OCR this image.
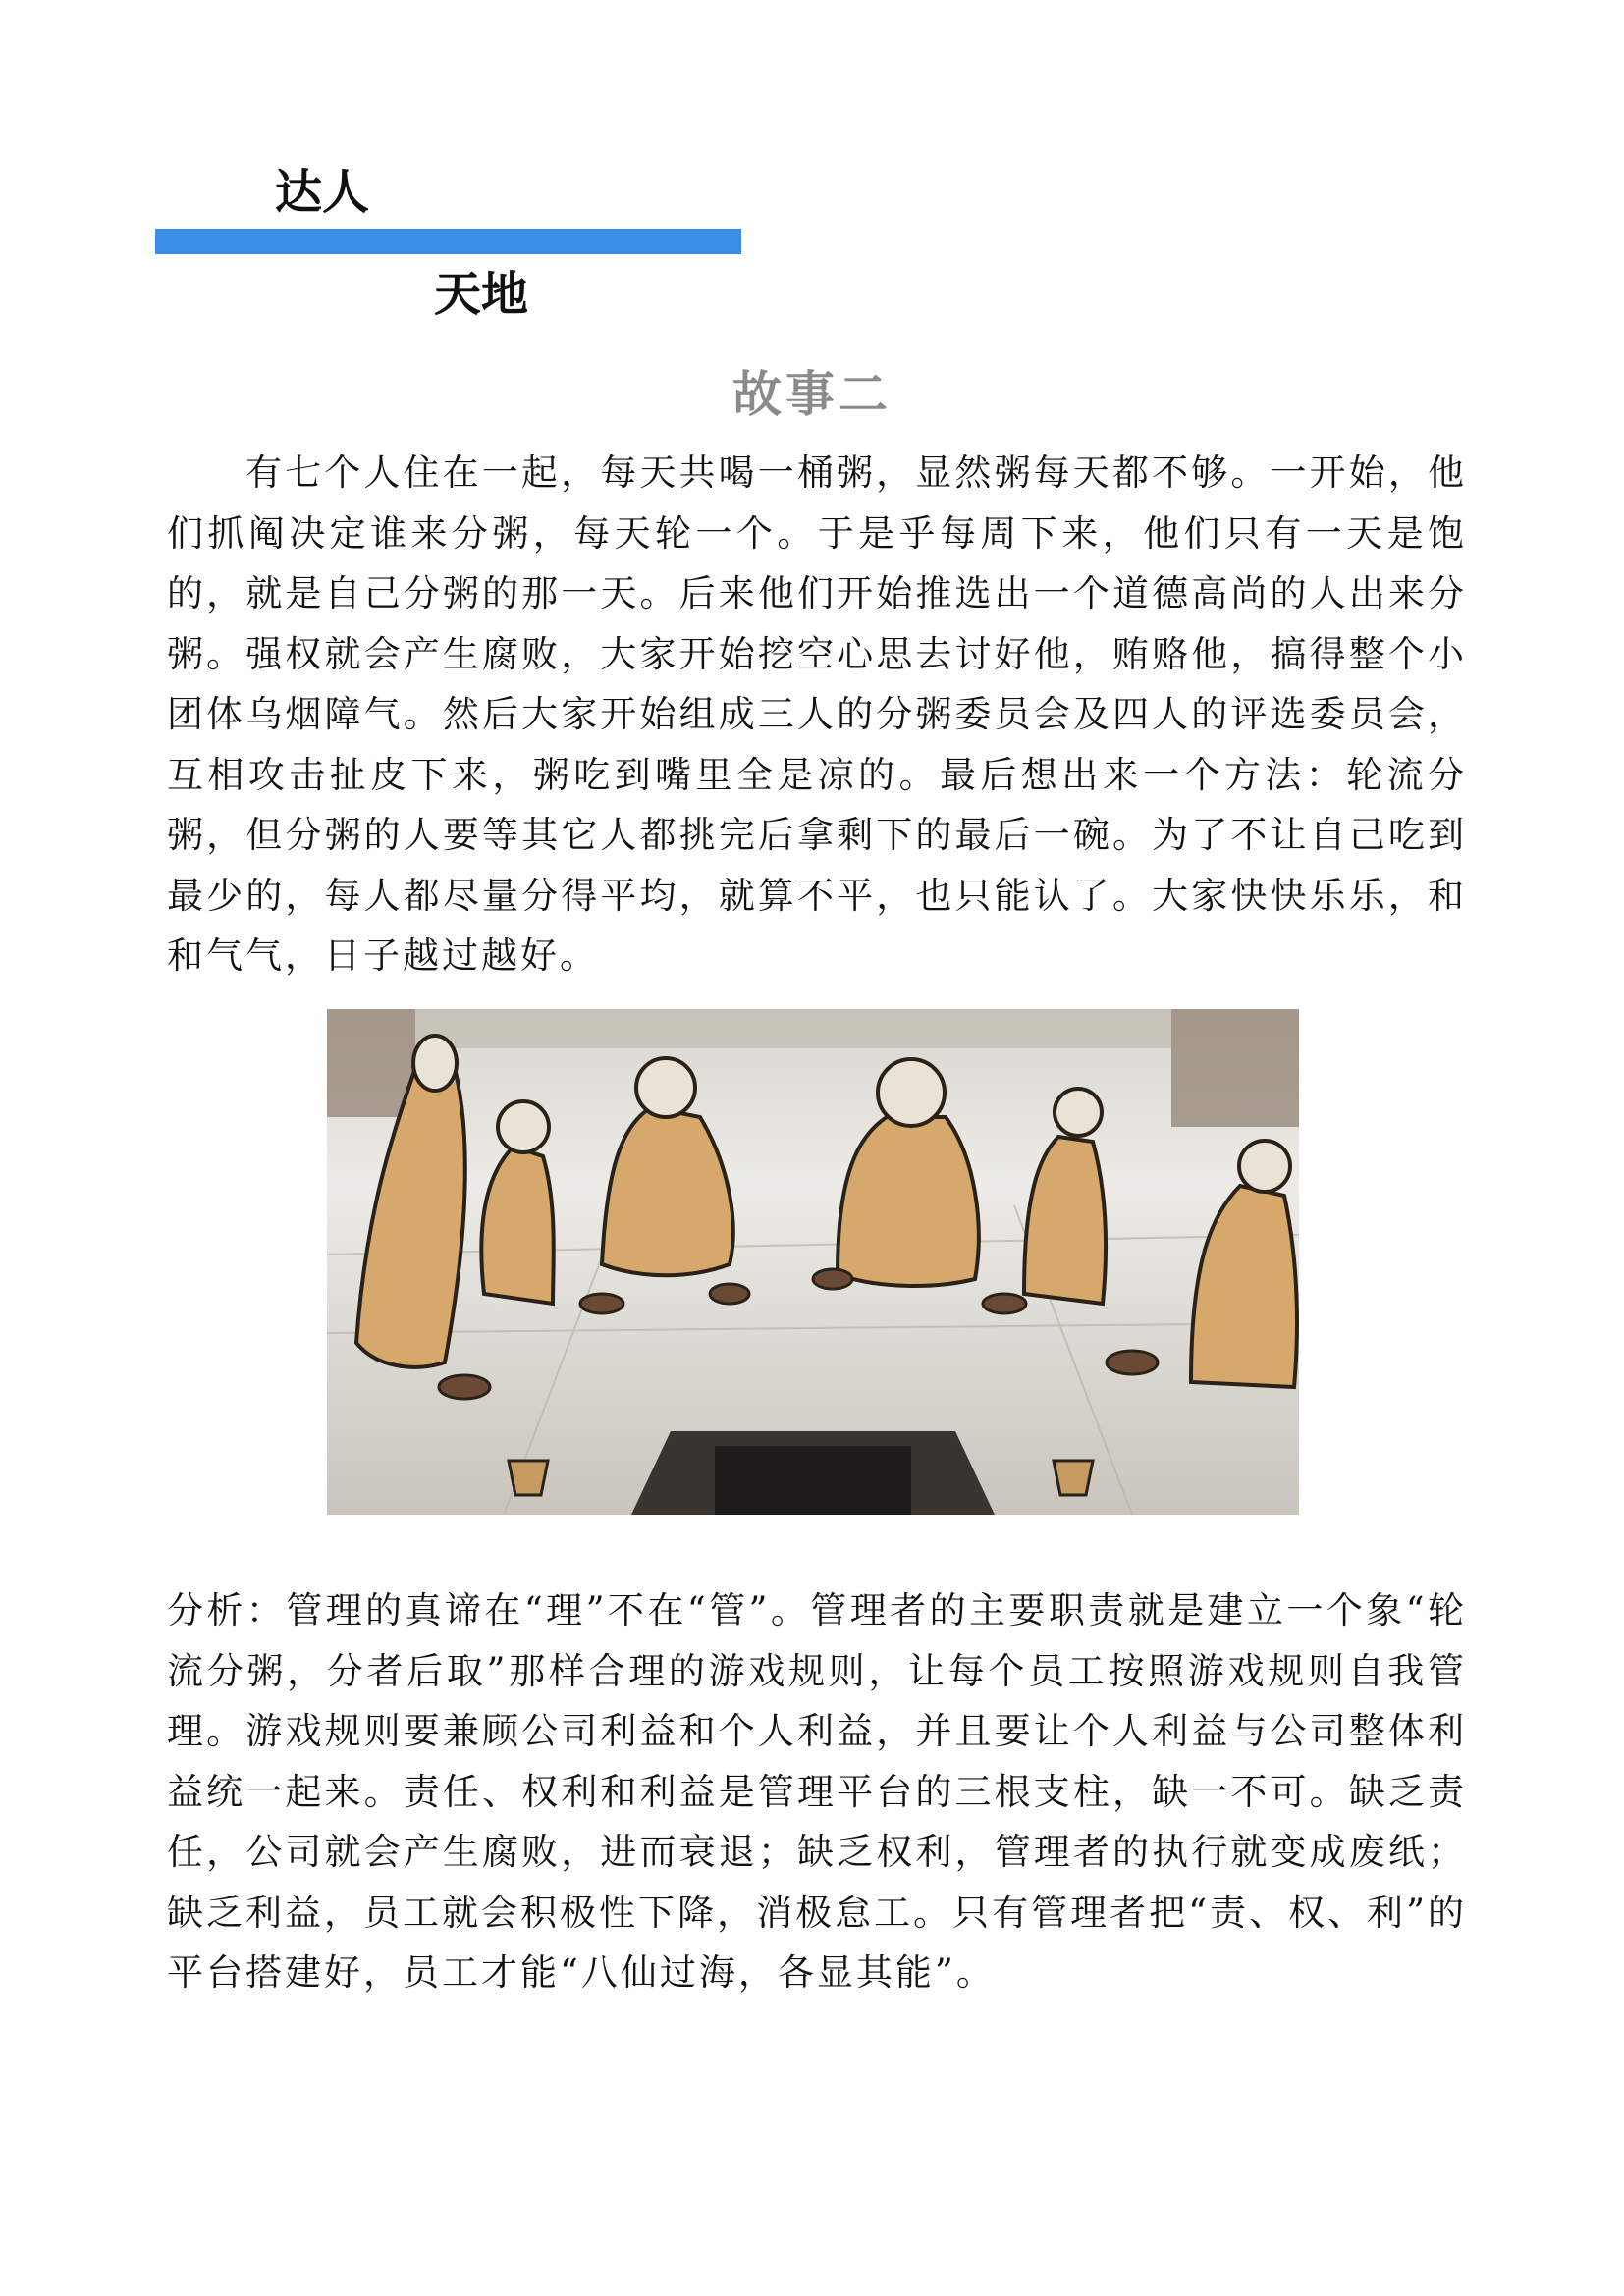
达人
天地
故事二

有七个人住在一起，每天共喝一桶粥，显然粥每天都不够。一开始，他们抓阄决定谁来分粥，每天轮一个。于是乎每周下来，他们只有一天是饱的，就是自己分粥的那一天。后来他们开始推选出一个道德高尚的人出来分粥。强权就会产生腐败，大家开始挖空心思去讨好他，贿赂他，搞得整个小团体乌烟障气。然后大家开始组成三人的分粥委员会及四人的评选委员会，互相攻击扯皮下来，粥吃到嘴里全是凉的。最后想出来一个方法：轮流分粥，但分粥的人要等其它人都挑完后拿剩下的最后一碗。为了不让自己吃到最少的，每人都尽量分得平均，就算不平，也只能认了。大家快快乐乐，和和气气，日子越过越好。

分析：管理的真谛在“理”不在“管”。管理者的主要职责就是建立一个象“轮流分粥，分者后取”那样合理的游戏规则，让每个员工按照游戏规则自我管理。游戏规则要兼顾公司利益和个人利益，并且要让个人利益与公司整体利益统一起来。责任、权利和利益是管理平台的三根支柱，缺一不可。缺乏责任，公司就会产生腐败，进而衰退；缺乏权利，管理者的执行就变成废纸；缺乏利益，员工就会积极性下降，消极怠工。只有管理者把“责、权、利”的平台搭建好，员工才能“八仙过海，各显其能”。
